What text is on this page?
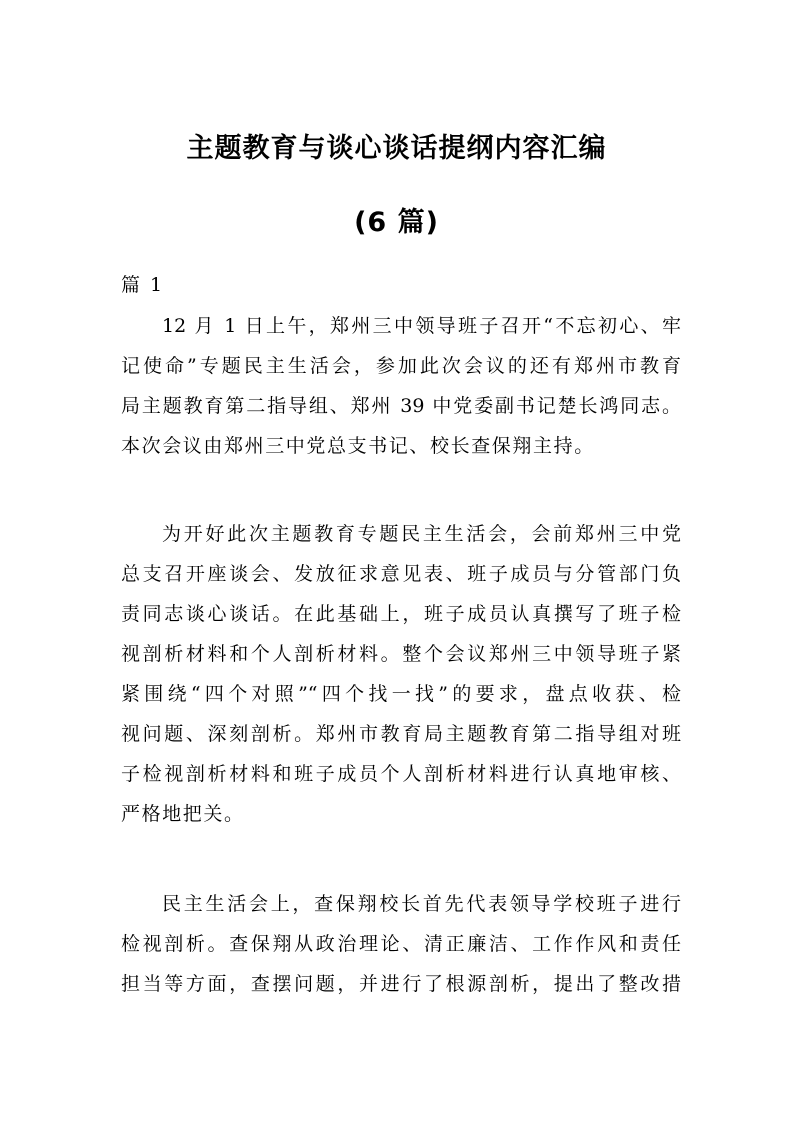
主题教育与谈心谈话提纲内容汇编
(6 篇)
篇 1
12 月 1 日上午，郑州三中领导班子召开“不忘初心、牢
记使命”专题民主生活会，参加此次会议的还有郑州市教育
局主题教育第二指导组、郑州 39 中党委副书记楚长鸿同志。
本次会议由郑州三中党总支书记、校长查保翔主持。
为开好此次主题教育专题民主生活会，会前郑州三中党
总支召开座谈会、发放征求意见表、班子成员与分管部门负
责同志谈心谈话。在此基础上，班子成员认真撰写了班子检
视剖析材料和个人剖析材料。整个会议郑州三中领导班子紧
紧围绕“四个对照”“四个找一找”的要求，盘点收获、检
视问题、深刻剖析。郑州市教育局主题教育第二指导组对班
子检视剖析材料和班子成员个人剖析材料进行认真地审核、
严格地把关。
民主生活会上，查保翔校长首先代表领导学校班子进行
检视剖析。查保翔从政治理论、清正廉洁、工作作风和责任
担当等方面，查摆问题，并进行了根源剖析，提出了整改措
